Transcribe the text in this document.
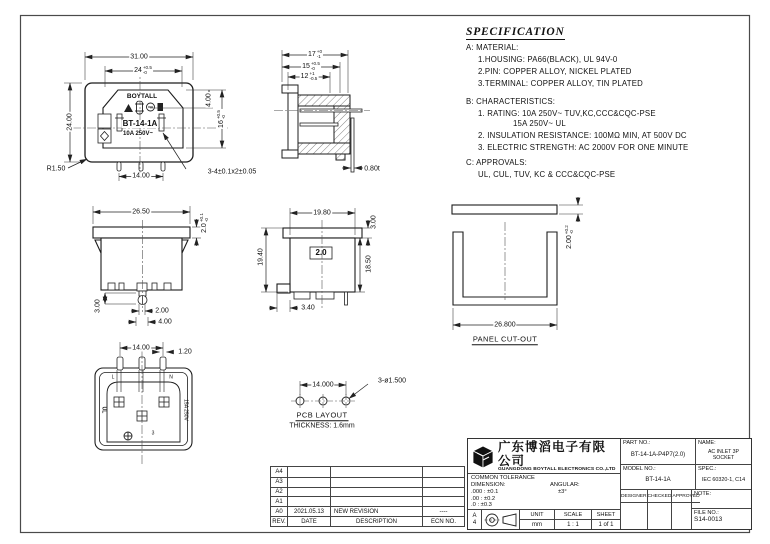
SPECIFICATION
A: MATERIAL:
1.HOUSING: PA66(BLACK), UL 94V-0
2.PIN: COPPER ALLOY, NICKEL PLATED
3.TERMINAL: COPPER ALLOY, TIN PLATED
B: CHARACTERISTICS:
1. RATING: 10A 250V~ TUV,KC,CCC&CQC-PSE
15A 250V~ UL
2. INSULATION RESISTANCE: 100MΩ MIN, AT 500V DC
3. ELECTRIC STRENGTH: AC 2000V FOR ONE MINUTE
C: APPROVALS:
UL, CUL, TUV, KC & CCC&CQC-PSE
BOYTALL
BT-14-1A
10A 250V~
31.00
24 +0.5
-0
24.00
4.00
16
+0.5 -0
14.00
R1.50	3-4±0.1x2±0.05
17 +0
-1
15 +0.5
-0
12 +1
-0.5
0.80t
26.50
2.0
+0.1 -0
2.00
4.00
3.00
19.80
3.00
19.40	18.50
3.40
2.0
2.00
+0.2 -0
26.800
PANEL CUT-OUT
14.00
1.20
L	N
3
15A 250V
UL
14.000
3-ø1.500
PCB LAYOUT
THICKNESS: 1.6mm
A4
A3
A2
A1
A0	2021.05.13	NEW REVISION	----
REV.	DATE	DESCRIPTION	ECN NO.
广东博滔电子有限公司
GUANGDONG BOYTALL ELECTRONICS CO.,LTD
COMMON TOLERANCE
DIMENSION:	ANGULAR:
.000 : ±0.1	±3°
.00 : ±0.2
.0 : ±0.3
A
4
UNIT
mm
SCALE
1 : 1
SHEET
1 of 1
PART NO.:
BT-14-1A-P4P7(2.0)
NAME:
AC INLET 3P SOCKET
MODEL NO.:
BT-14-1A
SPEC.:
IEC 60320-1, C14
DESIGNER CHECKED APPROVED
NOTE:
FILE NO.:
S14-0013
